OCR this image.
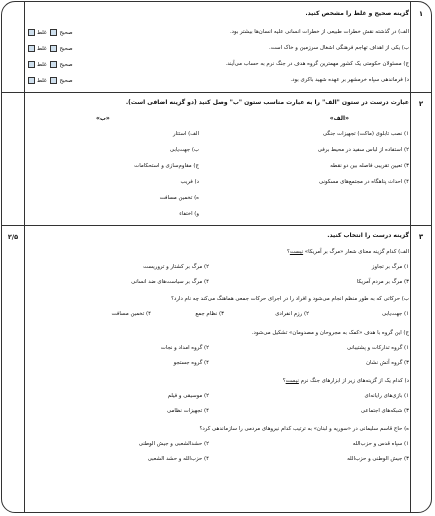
۱
گزینه صحیح و غلط را مشخص کنید.
الف) در گذشته نقش خطرات طبیعی از خطرات انسانی علیه انسان‌ها بیشتر بود.
صحیح غلط
ب) یکی از اهداف تهاجم فرهنگی اشغال سرزمین و خاک است.
صحیح غلط
ج) مسئولان حکومتی یک کشور مهمترین گروه هدف در جنگ نرم به حساب می‌آیند.
صحیح غلط
د) فرماندهی سپاه خرمشهر بر عهده شهید باکری بود.
صحیح غلط
۲
عبارت درست در ستون "الف" را به عبارت مناسب ستون "ب" وصل کنید (دو گزینه اضافی است).
«الف»
«ب»
۱) نصب تابلوی (ماکت) تجهیزات جنگی
۲) استفاده از لباس سفید در محیط برفی
۳) تعیین تقریبی فاصله بین دو نقطه
۴) احداث پناهگاه در مجتمع‌های مسکونی
الف) استتار
ب) جهت‌یابی
ج) مقاوم‌سازی و استحکامات
د) فریب
ه) تخمین مسافت
و) اختفاء
۳
۲/۵	گزینه درست را انتخاب کنید.
الف) کدام گزینه معنای شعار «مرگ بر آمریکا» نیست؟
۱) مرگ بر تجاوز
۲) مرگ بر کشتار و تروریست
۳) مرگ بر مردم آمریکا
۴) مرگ بر سیاست‌های ضد انسانی
ب) حرکاتی که به طور منظم انجام می‌شود و افراد را در اجرای حرکات جمعی هماهنگ می‌کند چه نام دارد؟
۱) جهت‌یابی
۲) رزم انفرادی
۳) نظام جمع
۴) تخمین مسافت
ج) این گروه با هدف «کمک به مجروحان و مصدومان» تشکیل می‌شود.
۱) گروه تدارکات و پشتیبانی
۲) گروه امداد و نجات
۳) گروه آتش نشان
۴) گروه جستجو
د) کدام یک از گزینه‌های زیر از ابزارهای جنگ نرم نیست؟
۱) بازی‌های رایانه‌ای
۲) موسیقی و فیلم
۳) شبکه‌های اجتماعی
۴) تجهیزات نظامی
ه) حاج قاسم سلیمانی در «سوریه و لبنان» به ترتیب کدام نیروهای مردمی را سازماندهی کرد؟
۱) سپاه قدس و حزب‌الله
۲) حشدالشعبی و جیش الوطنی
۳) جیش الوطنی و حزب‌الله
۴) حزب‌الله و حشد الشعبی
